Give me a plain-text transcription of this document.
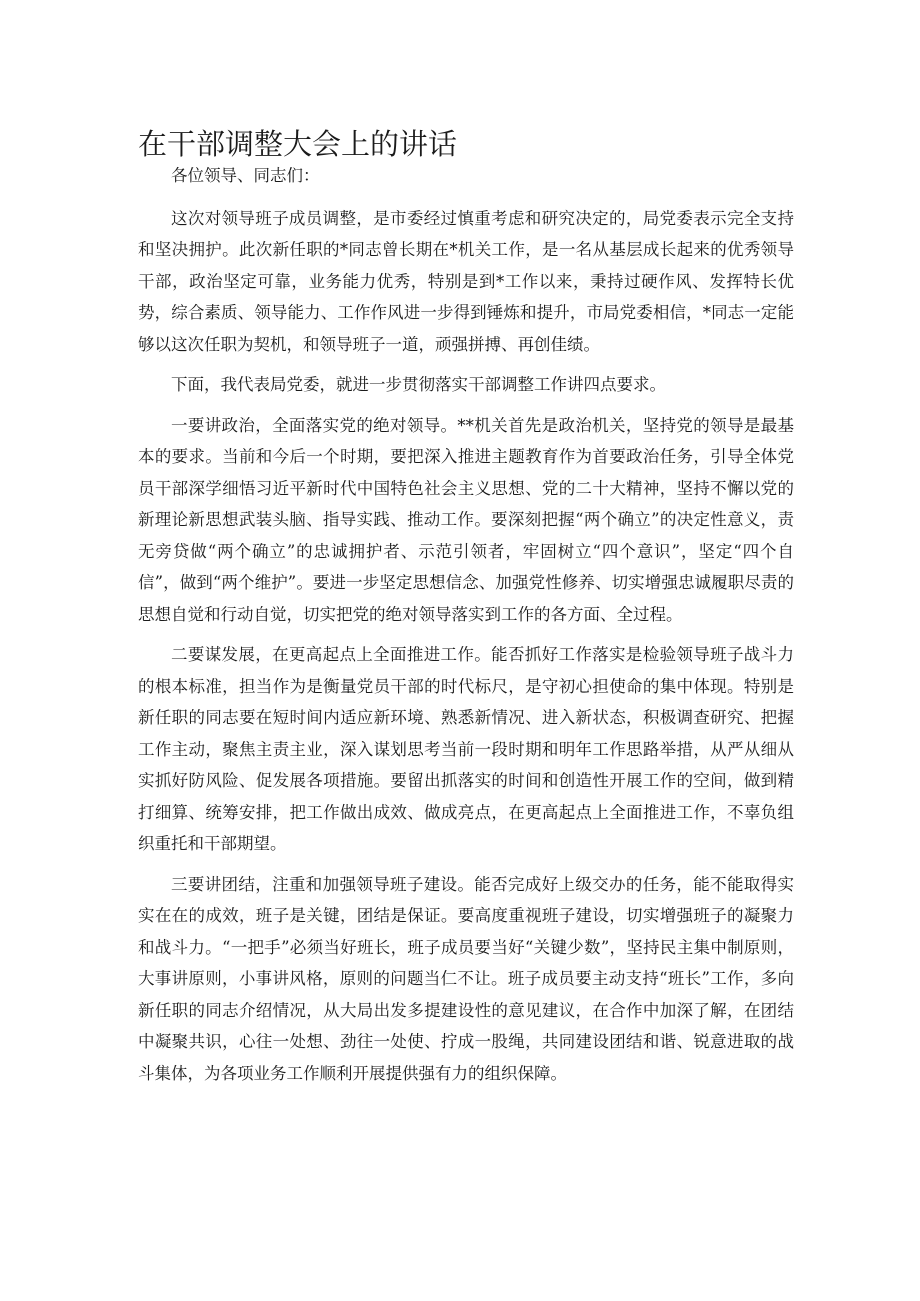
在干部调整大会上的讲话

各位领导、同志们：

这次对领导班子成员调整，是市委经过慎重考虑和研究决定的，局党委表示完全支持和坚决拥护。此次新任职的*同志曾长期在*机关工作，是一名从基层成长起来的优秀领导干部，政治坚定可靠，业务能力优秀，特别是到*工作以来，秉持过硬作风、发挥特长优势，综合素质、领导能力、工作作风进一步得到锤炼和提升，市局党委相信，*同志一定能够以这次任职为契机，和领导班子一道，顽强拼搏、再创佳绩。

下面，我代表局党委，就进一步贯彻落实干部调整工作讲四点要求。

一要讲政治，全面落实党的绝对领导。**机关首先是政治机关，坚持党的领导是最基本的要求。当前和今后一个时期，要把深入推进主题教育作为首要政治任务，引导全体党员干部深学细悟习近平新时代中国特色社会主义思想、党的二十大精神，坚持不懈以党的新理论新思想武装头脑、指导实践、推动工作。要深刻把握“两个确立”的决定性意义，责无旁贷做“两个确立”的忠诚拥护者、示范引领者，牢固树立“四个意识”，坚定“四个自信”，做到“两个维护”。要进一步坚定思想信念、加强党性修养、切实增强忠诚履职尽责的思想自觉和行动自觉，切实把党的绝对领导落实到工作的各方面、全过程。

二要谋发展，在更高起点上全面推进工作。能否抓好工作落实是检验领导班子战斗力的根本标准，担当作为是衡量党员干部的时代标尺，是守初心担使命的集中体现。特别是新任职的同志要在短时间内适应新环境、熟悉新情况、进入新状态，积极调查研究、把握工作主动，聚焦主责主业，深入谋划思考当前一段时期和明年工作思路举措，从严从细从实抓好防风险、促发展各项措施。要留出抓落实的时间和创造性开展工作的空间，做到精打细算、统筹安排，把工作做出成效、做成亮点，在更高起点上全面推进工作，不辜负组织重托和干部期望。

三要讲团结，注重和加强领导班子建设。能否完成好上级交办的任务，能不能取得实实在在的成效，班子是关键，团结是保证。要高度重视班子建设，切实增强班子的凝聚力和战斗力。“一把手”必须当好班长，班子成员要当好“关键少数”，坚持民主集中制原则，大事讲原则，小事讲风格，原则的问题当仁不让。班子成员要主动支持“班长”工作，多向新任职的同志介绍情况，从大局出发多提建设性的意见建议，在合作中加深了解，在团结中凝聚共识，心往一处想、劲往一处使、拧成一股绳，共同建设团结和谐、锐意进取的战斗集体，为各项业务工作顺利开展提供强有力的组织保障。
